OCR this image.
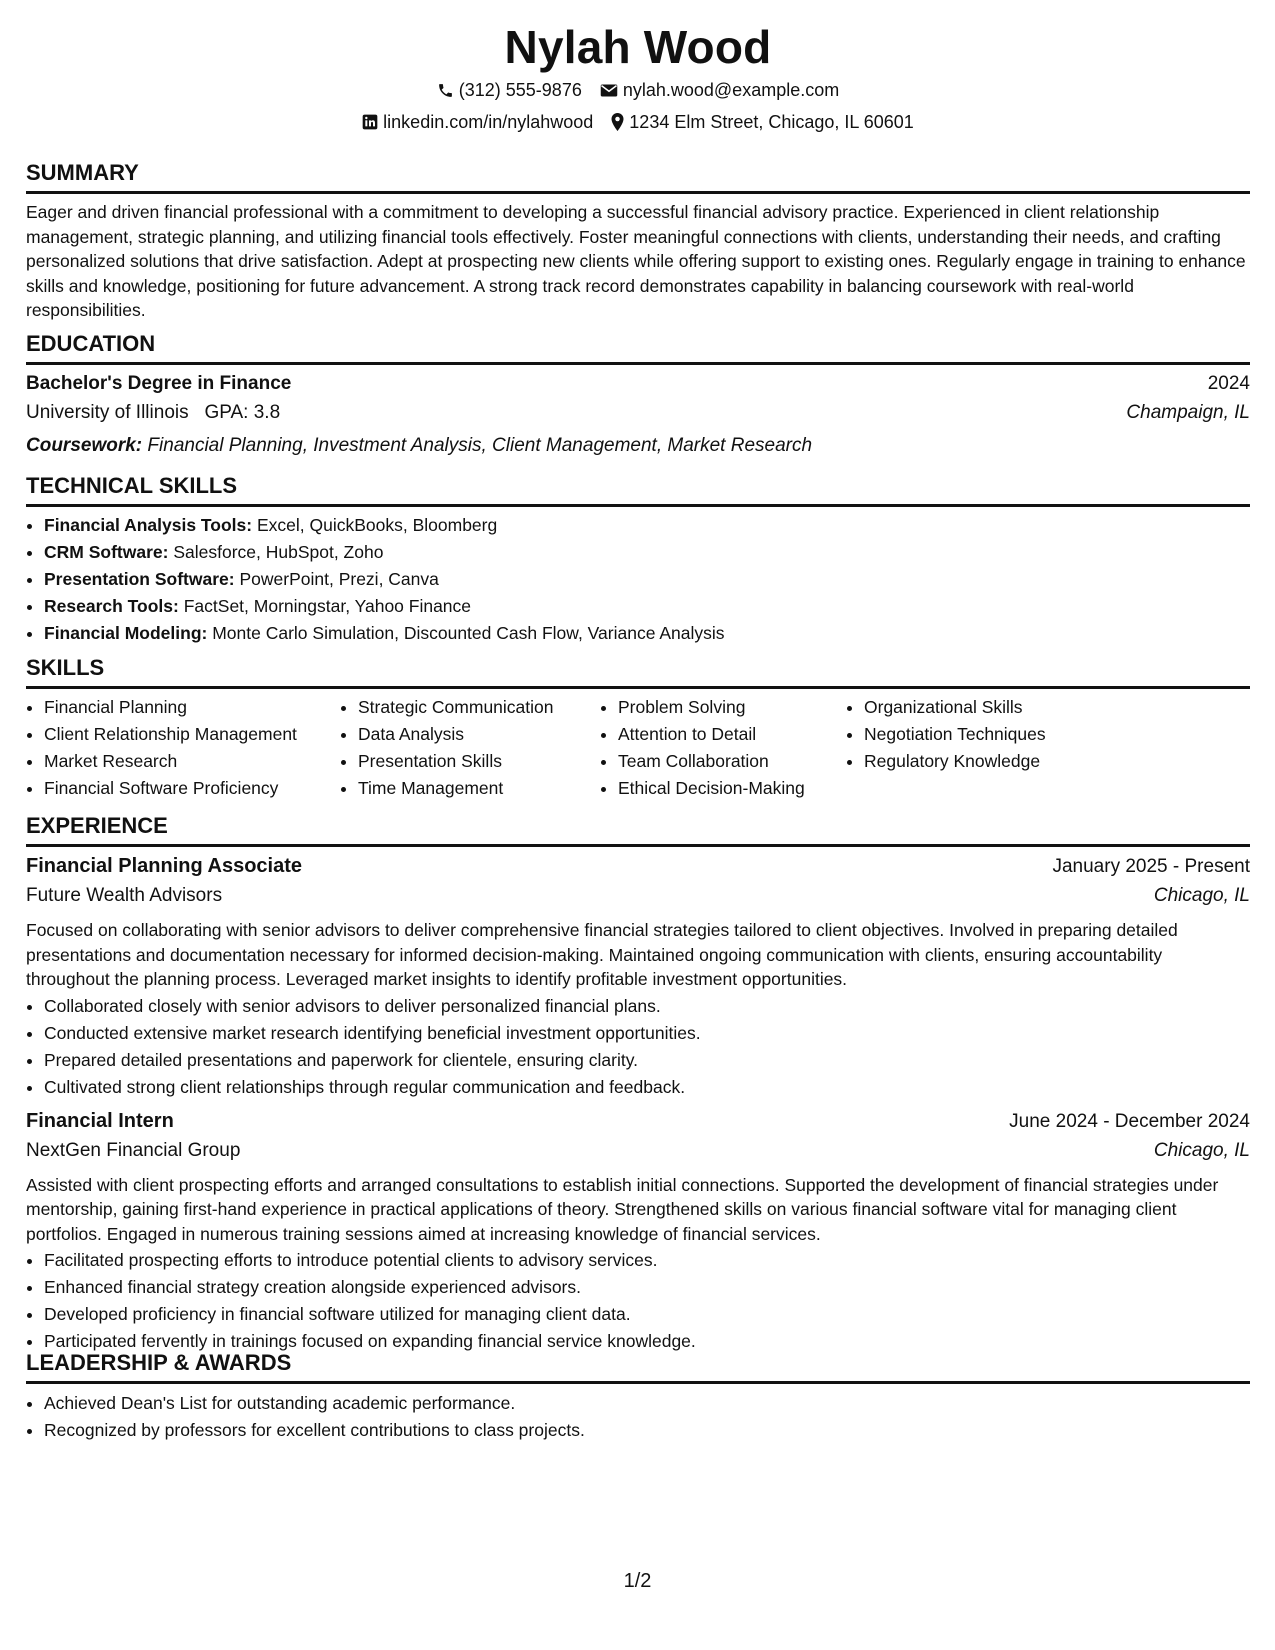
Nylah Wood
(312) 555-9876 nylah.wood@example.com
linkedin.com/in/nylahwood 1234 Elm Street, Chicago, IL 60601
SUMMARY

Eager and driven financial professional with a commitment to developing a successful financial advisory practice. Experienced in client relationship management, strategic planning, and utilizing financial tools effectively. Foster meaningful connections with clients, understanding their needs, and crafting personalized solutions that drive satisfaction. Adept at prospecting new clients while offering support to existing ones. Regularly engage in training to enhance skills and knowledge, positioning for future advancement. A strong track record demonstrates capability in balancing coursework with real-world responsibilities.

EDUCATION
Bachelor's Degree in Finance	2024
University of Illinois GPA: 3.8	Champaign, IL
Coursework: Financial Planning, Investment Analysis, Client Management, Market Research
TECHNICAL SKILLS
• Financial Analysis Tools: Excel, QuickBooks, Bloomberg
• CRM Software: Salesforce, HubSpot, Zoho
• Presentation Software: PowerPoint, Prezi, Canva
• Research Tools: FactSet, Morningstar, Yahoo Finance
• Financial Modeling: Monte Carlo Simulation, Discounted Cash Flow, Variance Analysis
SKILLS
• Financial Planning
• Client Relationship Management
• Market Research
• Financial Software Proficiency
• Strategic Communication
• Data Analysis
• Presentation Skills
• Time Management
• Problem Solving
• Attention to Detail
• Team Collaboration
• Ethical Decision-Making
• Organizational Skills
• Negotiation Techniques
• Regulatory Knowledge
EXPERIENCE
Financial Planning Associate	January 2025 - Present
Future Wealth Advisors	Chicago, IL

Focused on collaborating with senior advisors to deliver comprehensive financial strategies tailored to client objectives. Involved in preparing detailed presentations and documentation necessary for informed decision-making. Maintained ongoing communication with clients, ensuring accountability throughout the planning process. Leveraged market insights to identify profitable investment opportunities.

• Collaborated closely with senior advisors to deliver personalized financial plans.
• Conducted extensive market research identifying beneficial investment opportunities.
• Prepared detailed presentations and paperwork for clientele, ensuring clarity.
• Cultivated strong client relationships through regular communication and feedback.
Financial Intern	June 2024 - December 2024
NextGen Financial Group	Chicago, IL

Assisted with client prospecting efforts and arranged consultations to establish initial connections. Supported the development of financial strategies under mentorship, gaining first-hand experience in practical applications of theory. Strengthened skills on various financial software vital for managing client portfolios. Engaged in numerous training sessions aimed at increasing knowledge of financial services.

• Facilitated prospecting efforts to introduce potential clients to advisory services.
• Enhanced financial strategy creation alongside experienced advisors.
• Developed proficiency in financial software utilized for managing client data.
• Participated fervently in trainings focused on expanding financial service knowledge.
LEADERSHIP & AWARDS
• Achieved Dean's List for outstanding academic performance.
• Recognized by professors for excellent contributions to class projects.
1/2
